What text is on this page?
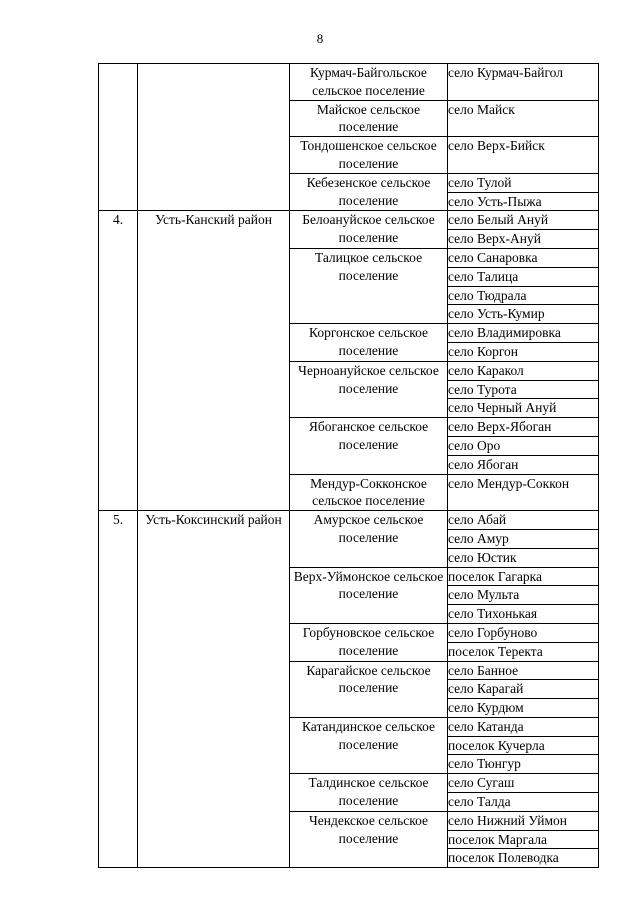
8
		Курмач-Байгольское сельское поселение	село Курмач-Байгол
		Майское сельское поселение	село Майск
		Тондошенское сельское поселение	село Верх-Бийск
		Кебезенское сельское поселение	село Тулой
			село Усть-Пыжа
4.	Усть-Канский район	Белоануйское сельское поселение	село Белый Ануй
			село Верх-Ануй
		Талицкое сельское поселение	село Санаровка
			село Талица
			село Тюдрала
			село Усть-Кумир
		Коргонское сельское поселение	село Владимировка
			село Коргон
		Черноануйское сельское поселение	село Каракол
			село Турота
			село Черный Ануй
		Ябоганское сельское поселение	село Верх-Ябоган
			село Оро
			село Ябоган
		Мендур-Сокконское сельское поселение	село Мендур-Соккон
5.	Усть-Коксинский район	Амурское сельское поселение	село Абай
			село Амур
			село Юстик
		Верх-Уймонское сельское поселение	поселок Гагарка
			село Мульта
			село Тихонькая
		Горбуновское сельское поселение	село Горбуново
			поселок Теректа
		Карагайское сельское поселение	село Банное
			село Карагай
			село Курдюм
		Катандинское сельское поселение	село Катанда
			поселок Кучерла
			село Тюнгур
		Талдинское сельское поселение	село Сугаш
			село Талда
		Чендекское сельское поселение	село Нижний Уймон
			поселок Маргала
			поселок Полеводка
